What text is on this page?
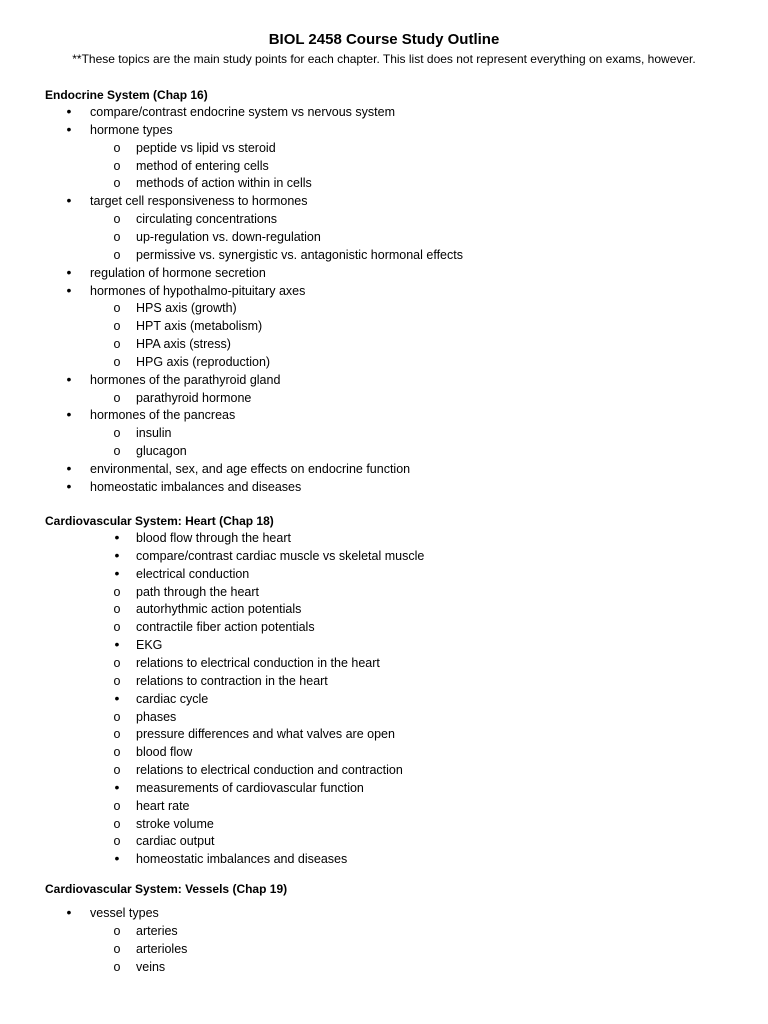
BIOL 2458 Course Study Outline
**These topics are the main study points for each chapter. This list does not represent everything on exams, however.
Endocrine System (Chap 16)
•	compare/contrast endocrine system vs nervous system
•	hormone types
o peptide vs lipid vs steroid
o method of entering cells
o methods of action within in cells
•	target cell responsiveness to hormones
o circulating concentrations
o up-regulation vs. down-regulation
o permissive vs. synergistic vs. antagonistic hormonal effects
•	regulation of hormone secretion
•	hormones of hypothalmo-pituitary axes
o HPS axis (growth)
o HPT axis (metabolism)
o HPA axis (stress)
o HPG axis (reproduction)
•	hormones of the parathyroid gland
o parathyroid hormone
•	hormones of the pancreas
o insulin
o glucagon
•	environmental, sex, and age effects on endocrine function
•	homeostatic imbalances and diseases
Cardiovascular System: Heart (Chap 18)
•	blood flow through the heart
•	compare/contrast cardiac muscle vs skeletal muscle
•	electrical conduction
o path through the heart
o autorhythmic action potentials
o contractile fiber action potentials
•	EKG
o relations to electrical conduction in the heart
o relations to contraction in the heart
•	cardiac cycle
o phases
o pressure differences and what valves are open
o blood flow
o relations to electrical conduction and contraction
•	measurements of cardiovascular function
o heart rate
o stroke volume
o cardiac output
•	homeostatic imbalances and diseases
Cardiovascular System: Vessels (Chap 19)
•	vessel types
o arteries
o arterioles
o veins
